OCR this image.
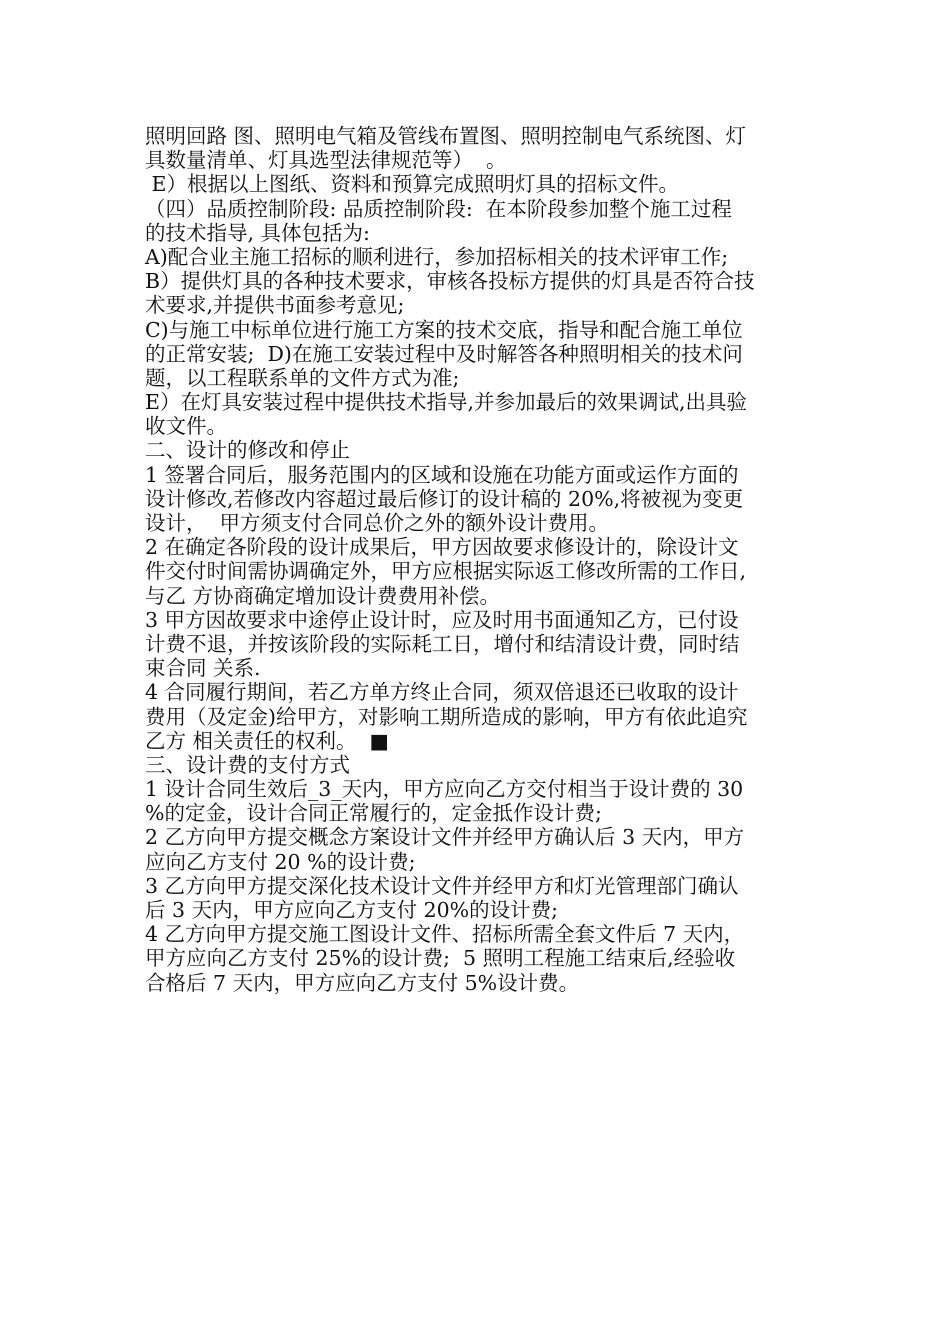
照明回路 图、照明电气箱及管线布置图、照明控制电气系统图、灯
具数量清单、灯具选型法律规范等）  。
E）根据以上图纸、资料和预算完成照明灯具的招标文件。
（四）品质控制阶段: 品质控制阶段:  在本阶段参加整个施工过程
的技术指导, 具体包括为:
A)配合业主施工招标的顺利进行，参加招标相关的技术评审工作;
B）提供灯具的各种技术要求，审核各投标方提供的灯具是否符合技
术要求,并提供书面参考意见;
C)与施工中标单位进行施工方案的技术交底，指导和配合施工单位
的正常安装;  D)在施工安装过程中及时解答各种照明相关的技术问
题，以工程联系单的文件方式为准;
E）在灯具安装过程中提供技术指导,并参加最后的效果调试,出具验
收文件。
二、设计的修改和停止
1 签署合同后，服务范围内的区域和设施在功能方面或运作方面的
设计修改,若修改内容超过最后修订的设计稿的 20%,将被视为变更
设计，  甲方须支付合同总价之外的额外设计费用。
2 在确定各阶段的设计成果后，甲方因故要求修设计的，除设计文
件交付时间需协调确定外，甲方应根据实际返工修改所需的工作日,
与乙 方协商确定增加设计费费用补偿。
3 甲方因故要求中途停止设计时，应及时用书面通知乙方，已付设
计费不退，并按该阶段的实际耗工日，增付和结清设计费，同时结
束合同 关系.
4 合同履行期间，若乙方单方终止合同，须双倍退还已收取的设计
费用（及定金)给甲方，对影响工期所造成的影响，甲方有依此追究
乙方 相关责任的权利。  ■
三、设计费的支付方式
1 设计合同生效后_3_天内，甲方应向乙方交付相当于设计费的 30
%的定金，设计合同正常履行的，定金抵作设计费;
2 乙方向甲方提交概念方案设计文件并经甲方确认后 3 天内，甲方
应向乙方支付 20 %的设计费;
3 乙方向甲方提交深化技术设计文件并经甲方和灯光管理部门确认
后 3 天内，甲方应向乙方支付 20%的设计费;
4 乙方向甲方提交施工图设计文件、招标所需全套文件后 7 天内，
甲方应向乙方支付 25%的设计费;  5 照明工程施工结束后,经验收
合格后 7 天内，甲方应向乙方支付 5%设计费。
